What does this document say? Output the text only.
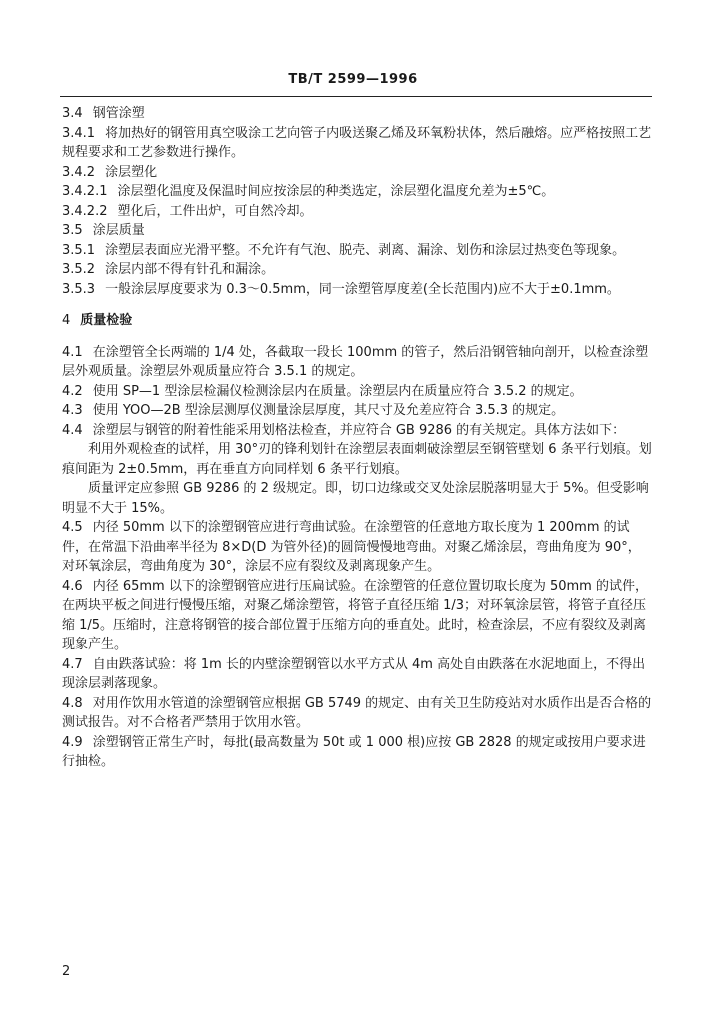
TB/T 2599—1996

3.4 钢管涂塑

3.4.1 将加热好的钢管用真空吸涂工艺向管子内吸送聚乙烯及环氧粉状体，然后融熔。应严格按照工艺规程要求和工艺参数进行操作。

3.4.2 涂层塑化

3.4.2.1 涂层塑化温度及保温时间应按涂层的种类选定，涂层塑化温度允差为±5℃。

3.4.2.2 塑化后，工件出炉，可自然冷却。

3.5 涂层质量

3.5.1 涂塑层表面应光滑平整。不允许有气泡、脱壳、剥离、漏涂、划伤和涂层过热变色等现象。

3.5.2 涂层内部不得有针孔和漏涂。

3.5.3 一般涂层厚度要求为 0.3～0.5mm，同一涂塑管厚度差(全长范围内)应不大于±0.1mm。

4 质量检验

4.1 在涂塑管全长两端的 1/4 处，各截取一段长 100mm 的管子，然后沿钢管轴向剖开，以检查涂塑层外观质量。涂塑层外观质量应符合 3.5.1 的规定。

4.2 使用 SP—1 型涂层检漏仪检测涂层内在质量。涂塑层内在质量应符合 3.5.2 的规定。

4.3 使用 YOO—2B 型涂层测厚仪测量涂层厚度，其尺寸及允差应符合 3.5.3 的规定。

4.4 涂塑层与钢管的附着性能采用划格法检查，并应符合 GB 9286 的有关规定。具体方法如下：

利用外观检查的试样，用 30°刃的锋利划针在涂塑层表面刺破涂塑层至钢管壁划 6 条平行划痕。划痕间距为 2±0.5mm，再在垂直方向同样划 6 条平行划痕。

质量评定应参照 GB 9286 的 2 级规定。即，切口边缘或交叉处涂层脱落明显大于 5%。但受影响明显不大于 15%。

4.5 内径 50mm 以下的涂塑钢管应进行弯曲试验。在涂塑管的任意地方取长度为 1 200mm 的试件，在常温下沿曲率半径为 8×D(D 为管外径)的圆筒慢慢地弯曲。对聚乙烯涂层，弯曲角度为 90°，对环氧涂层，弯曲角度为 30°，涂层不应有裂纹及剥离现象产生。

4.6 内径 65mm 以下的涂塑钢管应进行压扁试验。在涂塑管的任意位置切取长度为 50mm 的试件，在两块平板之间进行慢慢压缩，对聚乙烯涂塑管，将管子直径压缩 1/3；对环氧涂层管，将管子直径压缩 1/5。压缩时，注意将钢管的接合部位置于压缩方向的垂直处。此时，检查涂层，不应有裂纹及剥离现象产生。

4.7 自由跌落试验：将 1m 长的内壁涂塑钢管以水平方式从 4m 高处自由跌落在水泥地面上，不得出现涂层剥落现象。

4.8 对用作饮用水管道的涂塑钢管应根据 GB 5749 的规定、由有关卫生防疫站对水质作出是否合格的测试报告。对不合格者严禁用于饮用水管。

4.9 涂塑钢管正常生产时，每批(最高数量为 50t 或 1 000 根)应按 GB 2828 的规定或按用户要求进行抽检。

2
